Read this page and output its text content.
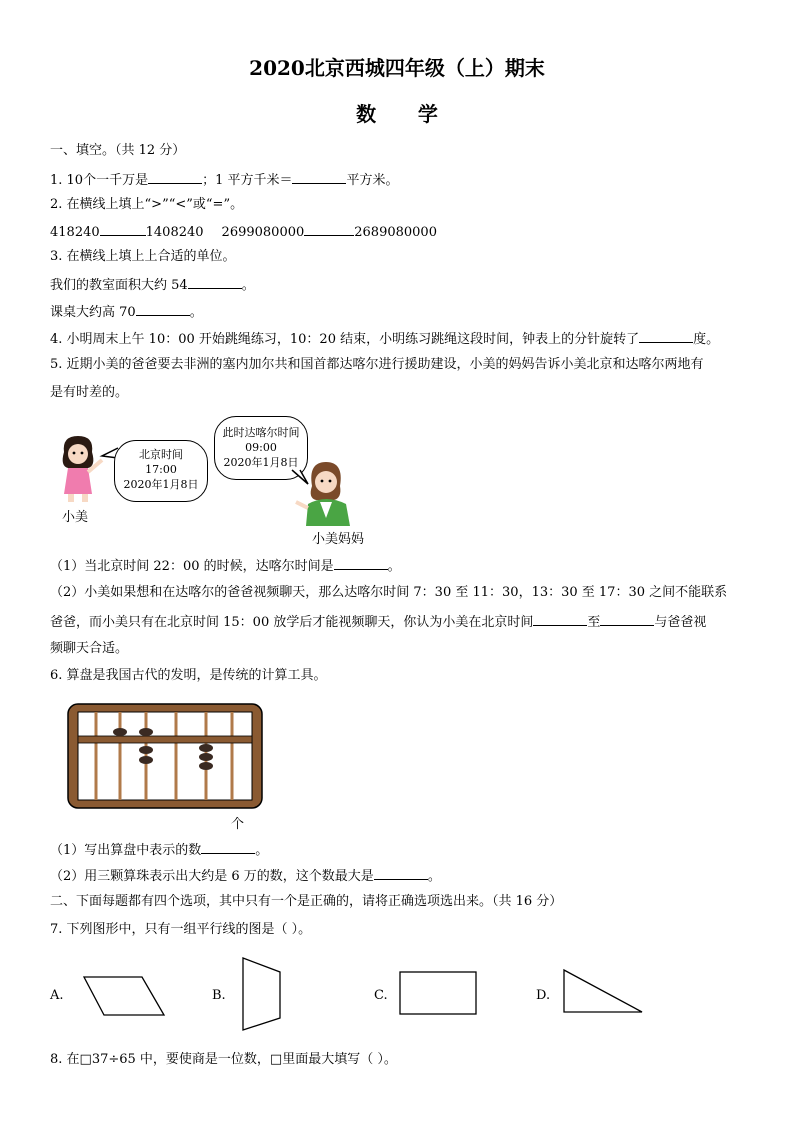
2020北京西城四年级（上）期末
数      学
一、填空。（共 12 分）
1. 10个一千万是	；1 平方千米＝	平方米。
2. 在横线上填上“>”“<”或“=”。
418240	1408240 2699080000	2689080000
3. 在横线上填上上合适的单位。
我们的教室面积大约 54	。
课桌大约高 70	。
4. 小明周末上午 10：00 开始跳绳练习，10：20 结束，小明练习跳绳这段时间，钟表上的分针旋转了	度。
5. 近期小美的爸爸要去非洲的塞内加尔共和国首都达喀尔进行援助建设，小美的妈妈告诉小美北京和达喀尔两地有
是有时差的。
小美
北京时间
17:00
2020年1月8日
此时达喀尔时间
09:00
2020年1月8日
小美妈妈
（1）当北京时间 22：00 的时候，达喀尔时间是	。
（2）小美如果想和在达喀尔的爸爸视频聊天，那么达喀尔时间 7：30 至 11：30，13：30 至 17：30 之间不能联系
爸爸，而小美只有在北京时间 15：00 放学后才能视频聊天，你认为小美在北京时间	至	与爸爸视
频聊天合适。
6. 算盘是我国古代的发明，是传统的计算工具。
个
（1）写出算盘中表示的数	。
（2）用三颗算珠表示出大约是 6 万的数，这个数最大是	。
二、下面每题都有四个选项，其中只有一个是正确的，请将正确选项选出来。（共 16 分）
7. 下列图形中，只有一组平行线的图是（ ）。
A.	B.	C.	D.
8. 在□37÷65 中，要使商是一位数，□里面最大填写（ ）。
